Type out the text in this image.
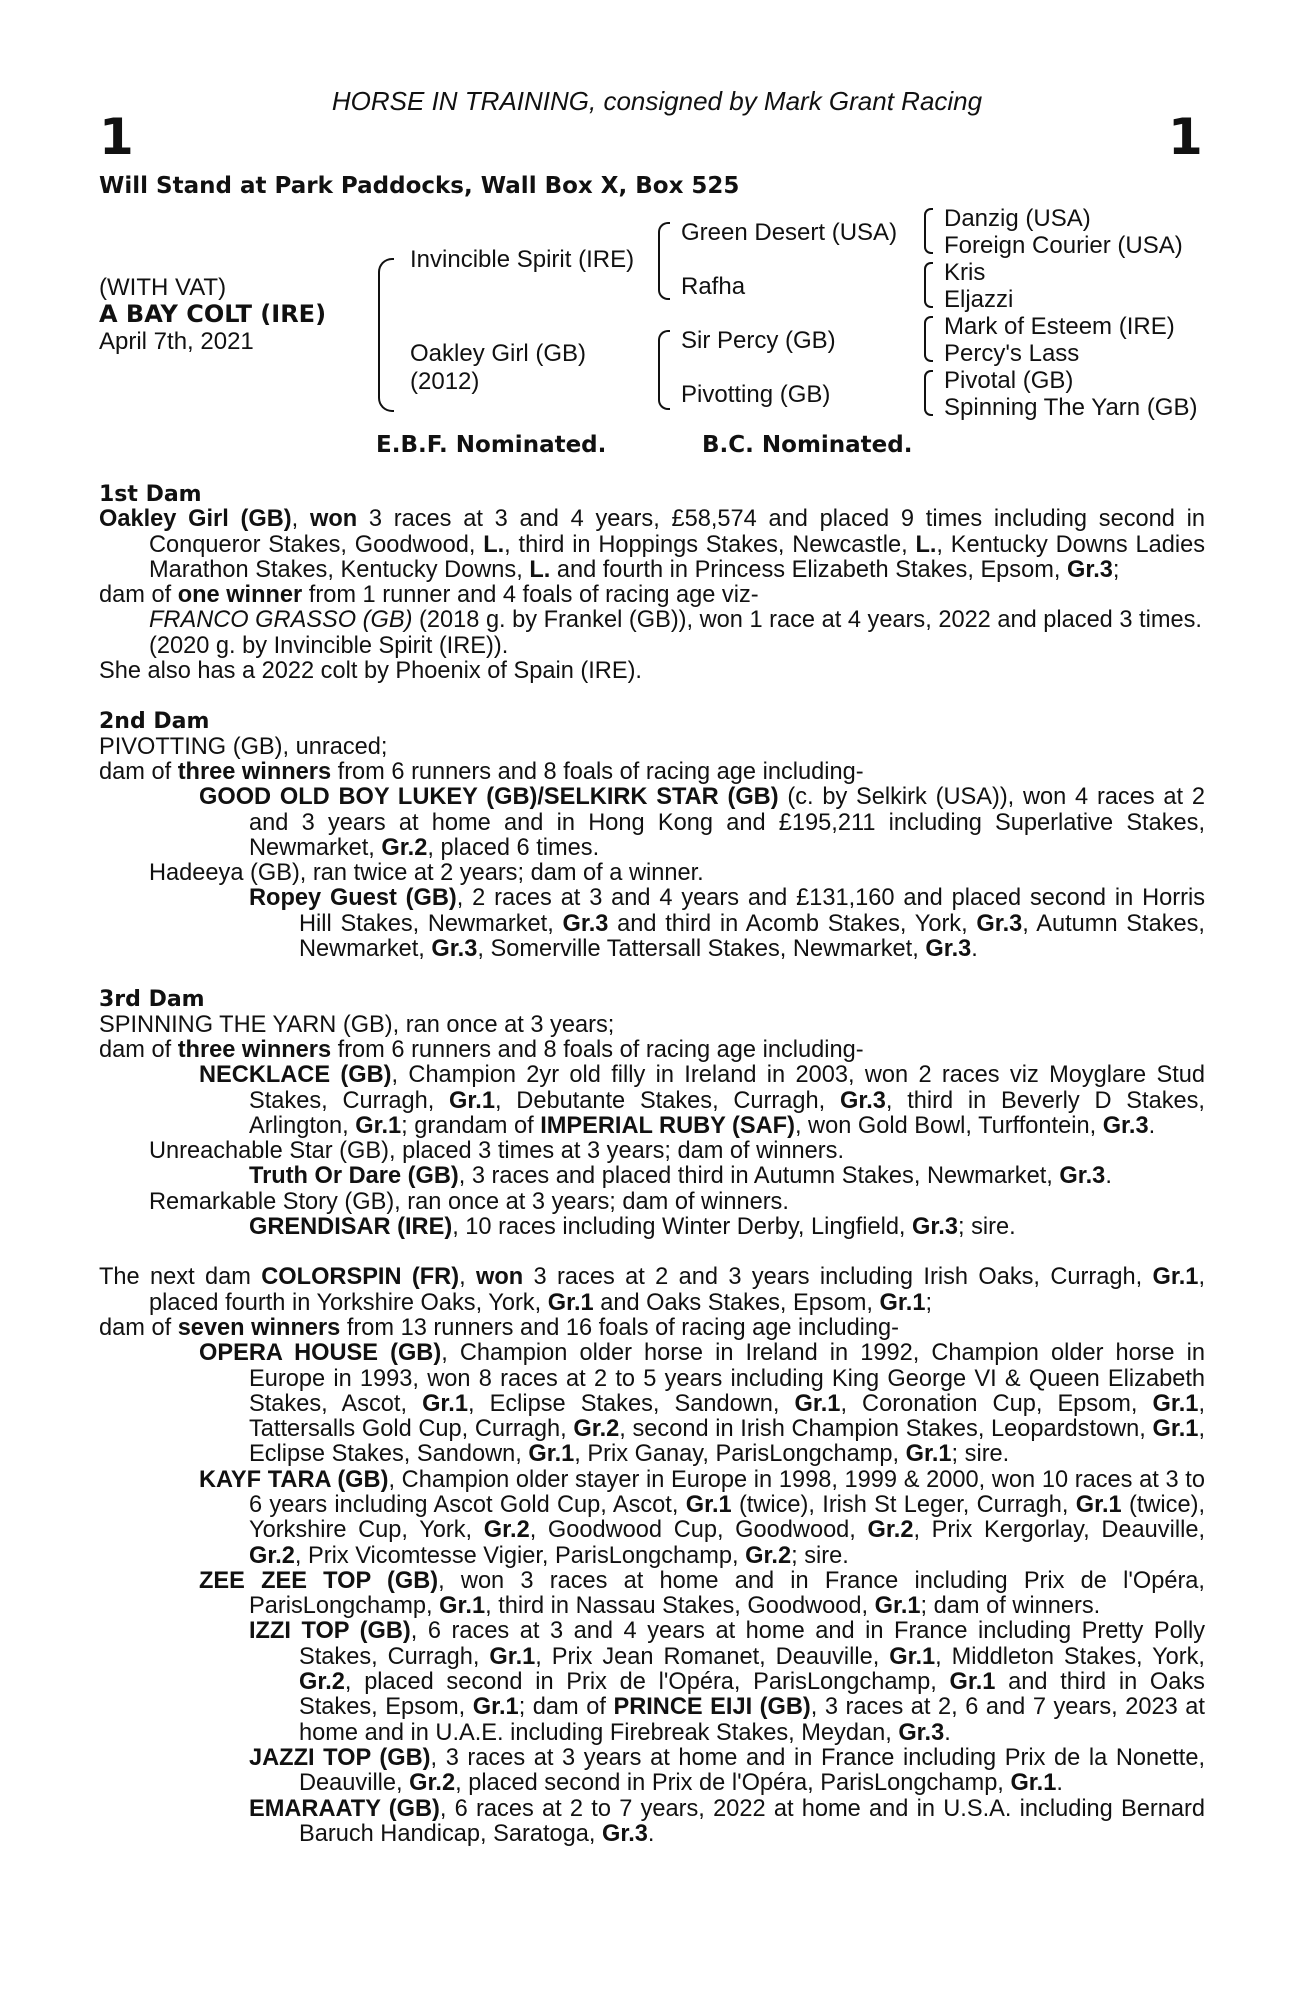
HORSE IN TRAINING, consigned by Mark Grant Racing
1	1
Will Stand at Park Paddocks, Wall Box X, Box 525
(WITH VAT)
A BAY COLT (IRE)
April 7th, 2021
Invincible Spirit (IRE)
Oakley Girl (GB)
(2012)
Green Desert (USA)
Rafha
Sir Percy (GB)
Pivotting (GB)
Danzig (USA)
Foreign Courier (USA)
Kris
Eljazzi
Mark of Esteem (IRE)
Percy's Lass
Pivotal (GB)
Spinning The Yarn (GB)
E.B.F. Nominated.	B.C. Nominated.

1st Dam

Oakley Girl (GB), won 3 races at 3 and 4 years, £58,574 and placed 9 times including second in Conqueror Stakes, Goodwood, L., third in Hoppings Stakes, Newcastle, L., Kentucky Downs Ladies Marathon Stakes, Kentucky Downs, L. and fourth in Princess Elizabeth Stakes, Epsom, Gr.3;

dam of one winner from 1 runner and 4 foals of racing age viz-

FRANCO GRASSO (GB) (2018 g. by Frankel (GB)), won 1 race at 4 years, 2022 and placed 3 times.

(2020 g. by Invincible Spirit (IRE)).

She also has a 2022 colt by Phoenix of Spain (IRE).

2nd Dam

PIVOTTING (GB), unraced;

dam of three winners from 6 runners and 8 foals of racing age including-

GOOD OLD BOY LUKEY (GB)/SELKIRK STAR (GB) (c. by Selkirk (USA)), won 4 races at 2 and 3 years at home and in Hong Kong and £195,211 including Superlative Stakes, Newmarket, Gr.2, placed 6 times.

Hadeeya (GB), ran twice at 2 years; dam of a winner.

Ropey Guest (GB), 2 races at 3 and 4 years and £131,160 and placed second in Horris Hill Stakes, Newmarket, Gr.3 and third in Acomb Stakes, York, Gr.3, Autumn Stakes, Newmarket, Gr.3, Somerville Tattersall Stakes, Newmarket, Gr.3.

3rd Dam

SPINNING THE YARN (GB), ran once at 3 years;

dam of three winners from 6 runners and 8 foals of racing age including-

NECKLACE (GB), Champion 2yr old filly in Ireland in 2003, won 2 races viz Moyglare Stud Stakes, Curragh, Gr.1, Debutante Stakes, Curragh, Gr.3, third in Beverly D Stakes, Arlington, Gr.1; grandam of IMPERIAL RUBY (SAF), won Gold Bowl, Turffontein, Gr.3.

Unreachable Star (GB), placed 3 times at 3 years; dam of winners.

Truth Or Dare (GB), 3 races and placed third in Autumn Stakes, Newmarket, Gr.3.

Remarkable Story (GB), ran once at 3 years; dam of winners.

GRENDISAR (IRE), 10 races including Winter Derby, Lingfield, Gr.3; sire.

The next dam COLORSPIN (FR), won 3 races at 2 and 3 years including Irish Oaks, Curragh, Gr.1, placed fourth in Yorkshire Oaks, York, Gr.1 and Oaks Stakes, Epsom, Gr.1;

dam of seven winners from 13 runners and 16 foals of racing age including-

OPERA HOUSE (GB), Champion older horse in Ireland in 1992, Champion older horse in Europe in 1993, won 8 races at 2 to 5 years including King George VI & Queen Elizabeth Stakes, Ascot, Gr.1, Eclipse Stakes, Sandown, Gr.1, Coronation Cup, Epsom, Gr.1, Tattersalls Gold Cup, Curragh, Gr.2, second in Irish Champion Stakes, Leopardstown, Gr.1, Eclipse Stakes, Sandown, Gr.1, Prix Ganay, ParisLongchamp, Gr.1; sire.

KAYF TARA (GB), Champion older stayer in Europe in 1998, 1999 & 2000, won 10 races at 3 to 6 years including Ascot Gold Cup, Ascot, Gr.1 (twice), Irish St Leger, Curragh, Gr.1 (twice), Yorkshire Cup, York, Gr.2, Goodwood Cup, Goodwood, Gr.2, Prix Kergorlay, Deauville, Gr.2, Prix Vicomtesse Vigier, ParisLongchamp, Gr.2; sire.

ZEE ZEE TOP (GB), won 3 races at home and in France including Prix de l'Opéra, ParisLongchamp, Gr.1, third in Nassau Stakes, Goodwood, Gr.1; dam of winners.

IZZI TOP (GB), 6 races at 3 and 4 years at home and in France including Pretty Polly Stakes, Curragh, Gr.1, Prix Jean Romanet, Deauville, Gr.1, Middleton Stakes, York, Gr.2, placed second in Prix de l'Opéra, ParisLongchamp, Gr.1 and third in Oaks Stakes, Epsom, Gr.1; dam of PRINCE EIJI (GB), 3 races at 2, 6 and 7 years, 2023 at home and in U.A.E. including Firebreak Stakes, Meydan, Gr.3.

JAZZI TOP (GB), 3 races at 3 years at home and in France including Prix de la Nonette, Deauville, Gr.2, placed second in Prix de l'Opéra, ParisLongchamp, Gr.1.

EMARAATY (GB), 6 races at 2 to 7 years, 2022 at home and in U.S.A. including Bernard Baruch Handicap, Saratoga, Gr.3.
